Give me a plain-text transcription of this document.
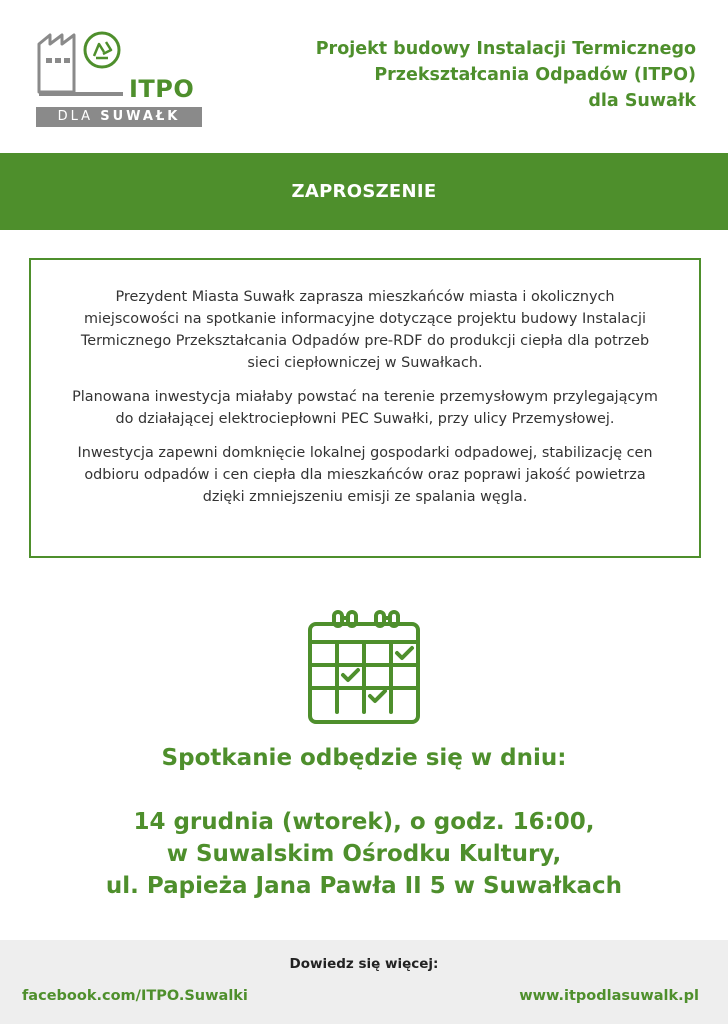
ITPO
DLA SUWAŁK
Projekt budowy Instalacji Termicznego
Przekształcania Odpadów (ITPO)
dla Suwałk
ZAPROSZENIE

Prezydent Miasta Suwałk zaprasza mieszkańców miasta i okolicznych miejscowości na spotkanie informacyjne dotyczące projektu budowy Instalacji Termicznego Przekształcania Odpadów pre-RDF do produkcji ciepła dla potrzeb sieci ciepłowniczej w Suwałkach.

Planowana inwestycja miałaby powstać na terenie przemysłowym przylegającym do działającej elektrociepłowni PEC Suwałki, przy ulicy Przemysłowej.

Inwestycja zapewni domknięcie lokalnej gospodarki odpadowej, stabilizację cen odbioru odpadów i cen ciepła dla mieszkańców oraz poprawi jakość powietrza dzięki zmniejszeniu emisji ze spalania węgla.

Spotkanie odbędzie się w dniu:
14 grudnia (wtorek), o godz. 16:00,
w Suwalskim Ośrodku Kultury,
ul. Papieża Jana Pawła II 5 w Suwałkach
Dowiedz się więcej:
facebook.com/ITPO.Suwalki	www.itpodlasuwalk.pl
